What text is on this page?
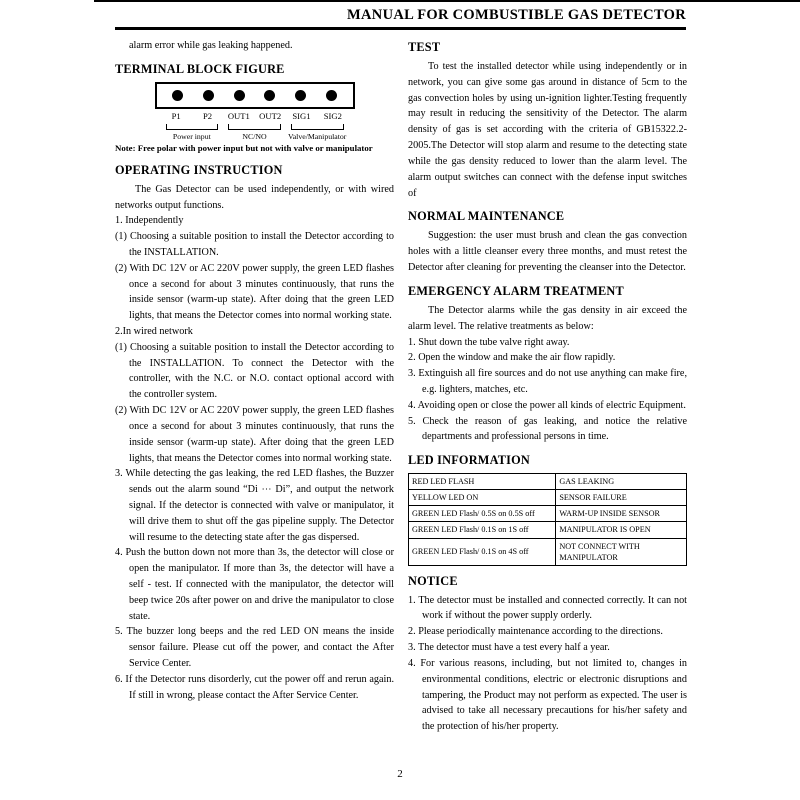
MANUAL FOR COMBUSTIBLE GAS DETECTOR

alarm error while gas leaking happened.

TERMINAL BLOCK FIGURE
P1	P2	OUT1	OUT2	SIG1	SIG2
Power input	NC/NO	Valve/Manipulator

Note: Free polar with power input but not with valve or manipulator

OPERATING INSTRUCTION

The Gas Detector can be used independently, or with wired networks output functions.

1. Independently

(1) Choosing a suitable position to install the Detector according to the INSTALLATION.

(2) With DC 12V or AC 220V power supply, the green LED flashes once a second for about 3 minutes continuously, that runs the inside sensor (warm-up state). After doing that the green LED lights, that means the Detector comes into normal working state.

2.In wired network

(1) Choosing a suitable position to install the Detector according to the INSTALLATION. To connect the Detector with the controller, with the N.C. or N.O. contact optional accord with the controller system.

(2) With DC 12V or AC 220V power supply, the green LED flashes once a second for about 3 minutes continuously, that runs the inside sensor (warm-up state). After doing that the green LED lights, that means the Detector comes into normal working state.

3. While detecting the gas leaking, the red LED flashes, the Buzzer sends out the alarm sound “Di ⋯ Di”, and output the network signal. If the detector is connected with valve or manipulator, it will drive them to shut off the gas pipeline supply. The Detector will resume to the detecting state after the gas dispersed.

4. Push the button down not more than 3s, the detector will close or open the manipulator. If more than 3s, the detector will have a self - test. If connected with the manipulator, the detector will beep twice 20s after power on and drive the manipulator to close state.

5. The buzzer long beeps and the red LED ON means the inside sensor failure. Please cut off the power, and contact the After Service Center.

6. If the Detector runs disorderly, cut the power off and rerun again. If still in wrong, please contact the After Service Center.

TEST

To test the installed detector while using independently or in network, you can give some gas around in distance of 5cm to the gas convection holes by using un-ignition lighter.Testing frequently may result in reducing the sensitivity of the Detector. The alarm density of gas is set according with the criteria of GB15322.2-2005.The Detector will stop alarm and resume to the detecting state while the gas density reduced to lower than the alarm level. The alarm output switches can connect with the defense input switches of

NORMAL MAINTENANCE

Suggestion: the user must brush and clean the gas convection holes with a little cleanser every three months, and must retest the Detector after cleaning for preventing the cleanser into the Detector.

EMERGENCY ALARM TREATMENT

The Detector alarms while the gas density in air exceed the alarm level. The relative treatments as below:

1. Shut down the tube valve right away.

2. Open the window and make the air flow rapidly.

3. Extinguish all fire sources and do not use anything can make fire, e.g. lighters, matches, etc.

4. Avoiding open or close the power all kinds of electric Equipment.

5. Check the reason of gas leaking, and notice the relative departments and professional persons in time.

LED INFORMATION
RED LED FLASH	GAS LEAKING
YELLOW LED ON	SENSOR FAILURE
GREEN LED Flash/ 0.5S on 0.5S off	WARM-UP INSIDE SENSOR
GREEN LED Flash/ 0.1S on 1S off	MANIPULATOR IS OPEN
GREEN LED Flash/ 0.1S on 4S off	NOT CONNECT WITH MANIPULATOR
NOTICE

1. The detector must be installed and connected correctly. It can not work if without the power supply orderly.

2. Please periodically maintenance according to the directions.

3. The detector must have a test every half a year.

4. For various reasons, including, but not limited to, changes in environmental conditions, electric or electronic disruptions and tampering, the Product may not perform as expected. The user is advised to take all necessary precautions for his/her safety and the protection of his/her property.

2
